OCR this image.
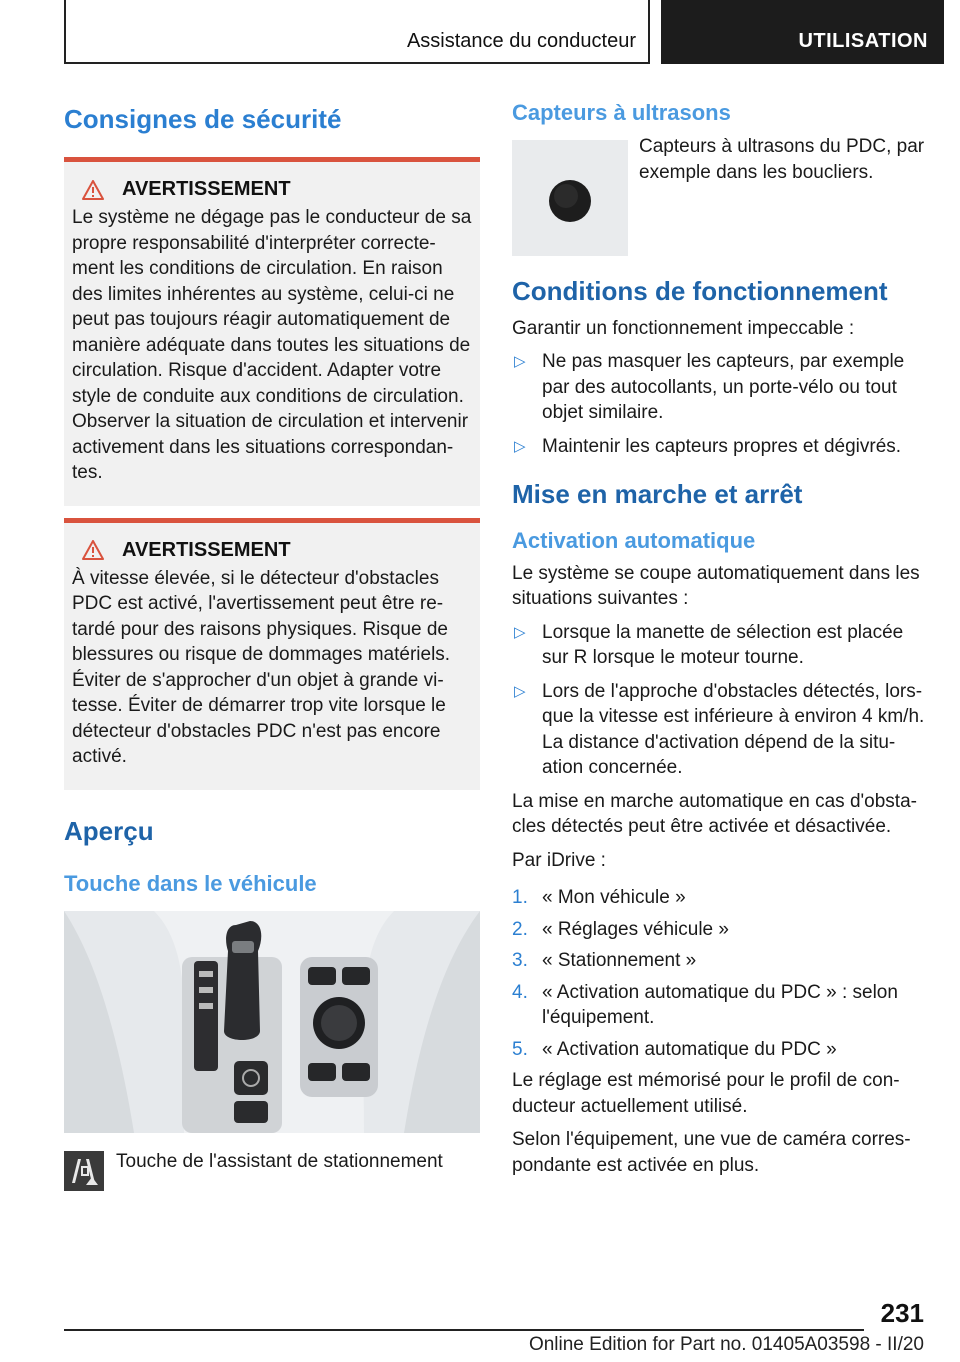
Assistance du conducteur	UTILISATION
Consignes de sécurité
AVERTISSEMENT

Le système ne dégage pas le conducteur de sa propre responsabilité d'interpréter correcte-ment les conditions de circulation. En raison des limites inhérentes au système, celui-ci ne peut pas toujours réagir automatiquement de manière adéquate dans toutes les situations de circulation. Risque d'accident. Adapter votre style de conduite aux conditions de circulation. Observer la situation de circulation et intervenir activement dans les situations correspondan-tes.

AVERTISSEMENT

À vitesse élevée, si le détecteur d'obstacles PDC est activé, l'avertissement peut être re-tardé pour des raisons physiques. Risque de blessures ou risque de dommages matériels. Éviter de s'approcher d'un objet à grande vi-tesse. Éviter de démarrer trop vite lorsque le détecteur d'obstacles PDC n'est pas encore activé.

Aperçu
Touche dans le véhicule

Touche de l'assistant de stationnement

Capteurs à ultrasons

Capteurs à ultrasons du PDC, par exemple dans les boucliers.

Conditions de fonctionnement

Garantir un fonctionnement impeccable :

▷ Ne pas masquer les capteurs, par exemple par des autocollants, un porte-vélo ou tout objet similaire.
▷ Maintenir les capteurs propres et dégivrés.
Mise en marche et arrêt
Activation automatique

Le système se coupe automatiquement dans les situations suivantes :

▷ Lorsque la manette de sélection est placée sur R lorsque le moteur tourne.
▷ Lors de l'approche d'obstacles détectés, lors-que la vitesse est inférieure à environ 4 km/h. La distance d'activation dépend de la situ-ation concernée.

La mise en marche automatique en cas d'obsta-cles détectés peut être activée et désactivée.

Par iDrive :

1. « Mon véhicule »
2. « Réglages véhicule »
3. « Stationnement »
4. « Activation automatique du PDC » : selon l'équipement.
5. « Activation automatique du PDC »

Le réglage est mémorisé pour le profil de con-ducteur actuellement utilisé.

Selon l'équipement, une vue de caméra corres-pondante est activée en plus.

231
Online Edition for Part no. 01405A03598 - II/20
